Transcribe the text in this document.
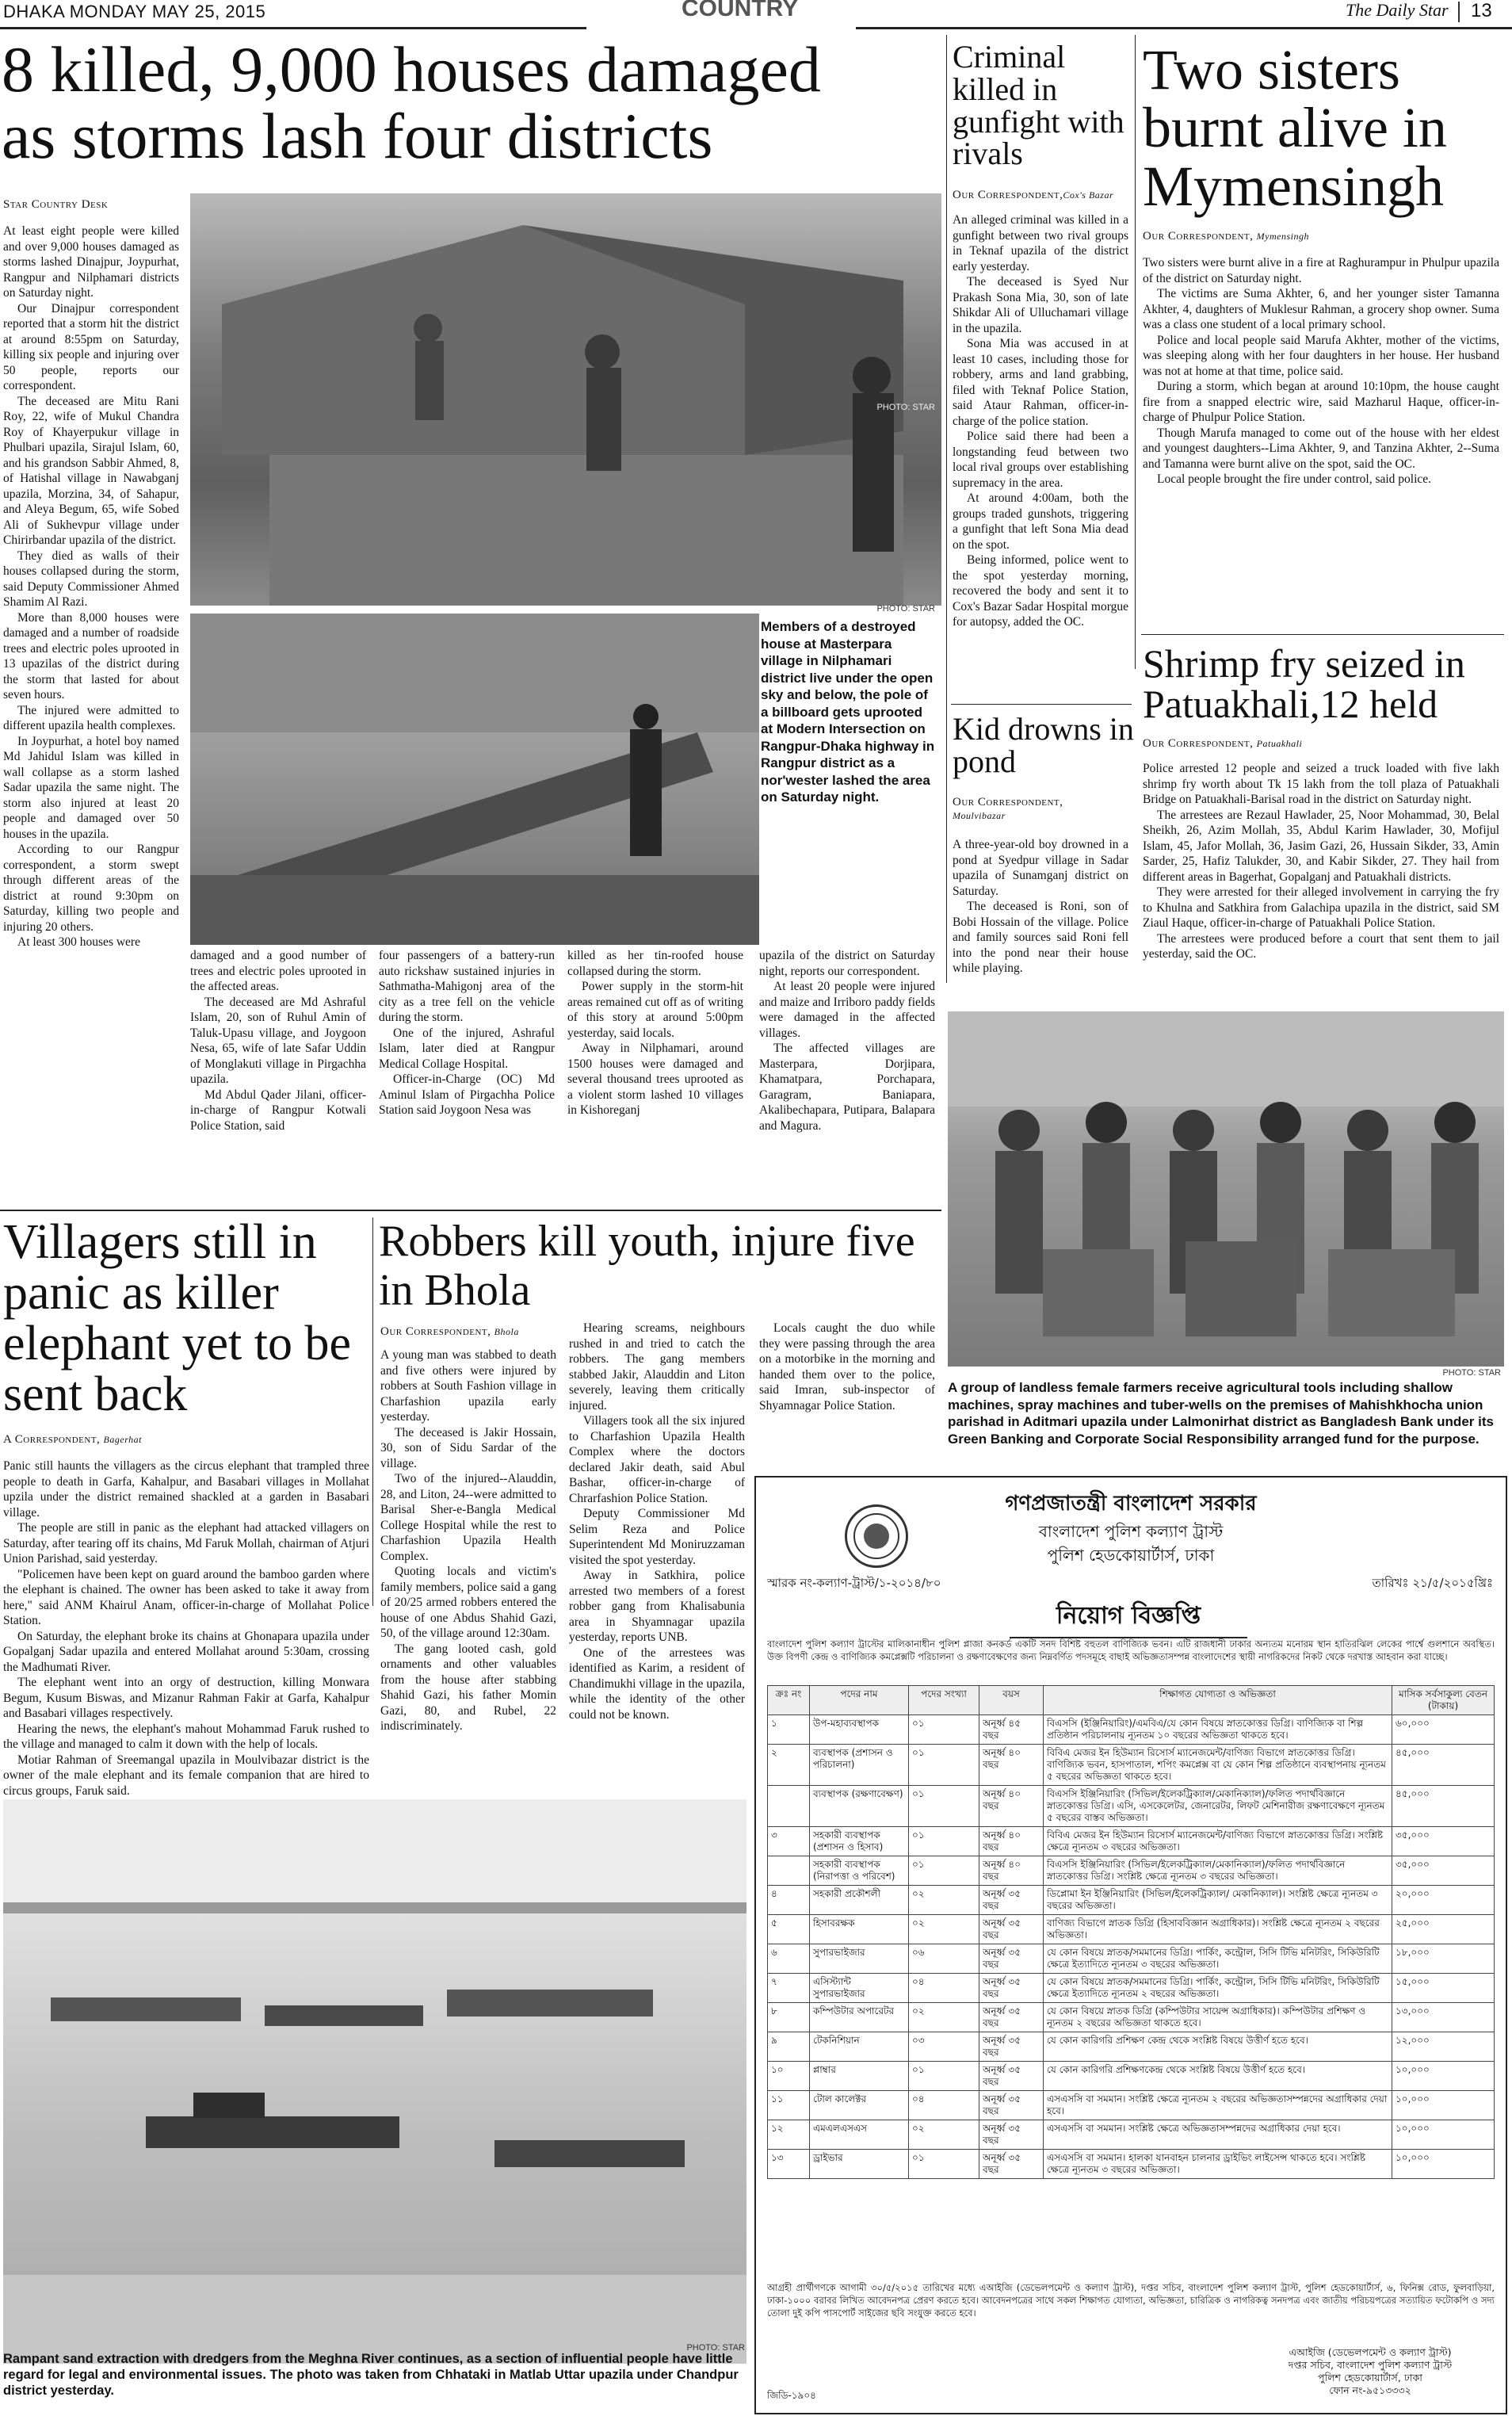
DHAKA MONDAY MAY 25, 2015	COUNTRY	The Daily Star 13
8 killed, 9,000 houses damaged
as storms lash four districts
Star Country Desk

At least eight people were killed and over 9,000 houses damaged as storms lashed Dinajpur, Joypurhat, Rangpur and Nilphamari districts on Saturday night.

Our Dinajpur correspondent reported that a storm hit the district at around 8:55pm on Saturday, killing six people and injuring over 50 people, reports our correspondent.

The deceased are Mitu Rani Roy, 22, wife of Mukul Chandra Roy of Khayerpukur village in Phulbari upazila, Sirajul Islam, 60, and his grandson Sabbir Ahmed, 8, of Hatishal village in Nawabganj upazila, Morzina, 34, of Sahapur, and Aleya Begum, 65, wife Sobed Ali of Sukhevpur village under Chirirbandar upazila of the district.

They died as walls of their houses collapsed during the storm, said Deputy Commissioner Ahmed Shamim Al Razi.

More than 8,000 houses were damaged and a number of roadside trees and electric poles uprooted in 13 upazilas of the district during the storm that lasted for about seven hours.

The injured were admitted to different upazila health complexes.

In Joypurhat, a hotel boy named Md Jahidul Islam was killed in wall collapse as a storm lashed Sadar upazila the same night. The storm also injured at least 20 people and damaged over 50 houses in the upazila.

According to our Rangpur correspondent, a storm swept through different areas of the district at round 9:30pm on Saturday, killing two people and injuring 20 others.

At least 300 houses were

PHOTO: STAR
PHOTO: STAR
Members of a destroyed house at Masterpara village in Nilphamari district live under the open sky and below, the pole of a billboard gets uprooted at Modern Intersection on Rangpur-Dhaka highway in Rangpur district as a nor'wester lashed the area on Saturday night.

damaged and a good number of trees and electric poles uprooted in the affected areas.

The deceased are Md Ashraful Islam, 20, son of Ruhul Amin of Taluk-Upasu village, and Joygoon Nesa, 65, wife of late Safar Uddin of Monglakuti village in Pirgachha upazila.

Md Abdul Qader Jilani, officer-in-charge of Rangpur Kotwali Police Station, said

four passengers of a battery-run auto rickshaw sustained injuries in Sathmatha-Mahigonj area of the city as a tree fell on the vehicle during the storm.

One of the injured, Ashraful Islam, later died at Rangpur Medical Collage Hospital.

Officer-in-Charge (OC) Md Aminul Islam of Pirgachha Police Station said Joygoon Nesa was

killed as her tin-roofed house collapsed during the storm.

Power supply in the storm-hit areas remained cut off as of writing of this story at around 5:00pm yesterday, said locals.

Away in Nilphamari, around 1500 houses were damaged and several thousand trees uprooted as a violent storm lashed 10 villages in Kishoreganj

upazila of the district on Saturday night, reports our correspondent.

At least 20 people were injured and maize and Irriboro paddy fields were damaged in the affected villages.

The affected villages are Masterpara, Dorjipara, Khamatpara, Porchapara, Garagram, Baniapara, Akalibechapara, Putipara, Balapara and Magura.

Criminal killed in gunfight with rivals
Our Correspondent,Cox's Bazar

An alleged criminal was killed in a gunfight between two rival groups in Teknaf upazila of the district early yesterday.

The deceased is Syed Nur Prakash Sona Mia, 30, son of late Shikdar Ali of Ulluchamari village in the upazila.

Sona Mia was accused in at least 10 cases, including those for robbery, arms and land grabbing, filed with Teknaf Police Station, said Ataur Rahman, officer-in-charge of the police station.

Police said there had been a longstanding feud between two local rival groups over establishing supremacy in the area.

At around 4:00am, both the groups traded gunshots, triggering a gunfight that left Sona Mia dead on the spot.

Being informed, police went to the spot yesterday morning, recovered the body and sent it to Cox's Bazar Sadar Hospital morgue for autopsy, added the OC.

Kid drowns in pond
Our Correspondent,
Moulvibazar

A three-year-old boy drowned in a pond at Syedpur village in Sadar upazila of Sunamganj district on Saturday.

The deceased is Roni, son of Bobi Hossain of the village. Police and family sources said Roni fell into the pond near their house while playing.

Two sisters burnt alive in Mymensingh
Our Correspondent, Mymensingh

Two sisters were burnt alive in a fire at Raghurampur in Phulpur upazila of the district on Saturday night.

The victims are Suma Akhter, 6, and her younger sister Tamanna Akhter, 4, daughters of Muklesur Rahman, a grocery shop owner. Suma was a class one student of a local primary school.

Police and local people said Marufa Akhter, mother of the victims, was sleeping along with her four daughters in her house. Her husband was not at home at that time, police said.

During a storm, which began at around 10:10pm, the house caught fire from a snapped electric wire, said Mazharul Haque, officer-in-charge of Phulpur Police Station.

Though Marufa managed to come out of the house with her eldest and youngest daughters--Lima Akhter, 9, and Tanzina Akhter, 2--Suma and Tamanna were burnt alive on the spot, said the OC.

Local people brought the fire under control, said police.

Shrimp fry seized in Patuakhali,12 held
Our Correspondent, Patuakhali

Police arrested 12 people and seized a truck loaded with five lakh shrimp fry worth about Tk 15 lakh from the toll plaza of Patuakhali Bridge on Patuakhali-Barisal road in the district on Saturday night.

The arrestees are Rezaul Hawlader, 25, Noor Mohammad, 30, Belal Sheikh, 26, Azim Mollah, 35, Abdul Karim Hawlader, 30, Mofijul Islam, 45, Jafor Mollah, 36, Jasim Gazi, 26, Hussain Sikder, 33, Amin Sarder, 25, Hafiz Talukder, 30, and Kabir Sikder, 27. They hail from different areas in Bagerhat, Gopalganj and Patuakhali districts.

They were arrested for their alleged involvement in carrying the fry to Khulna and Satkhira from Galachipa upazila in the district, said SM Ziaul Haque, officer-in-charge of Patuakhali Police Station.

The arrestees were produced before a court that sent them to jail yesterday, said the OC.

PHOTO: STAR
A group of landless female farmers receive agricultural tools including shallow machines, spray machines and tuber-wells on the premises of Mahishkhocha union parishad in Aditmari upazila under Lalmonirhat district as Bangladesh Bank under its Green Banking and Corporate Social Responsibility arranged fund for the purpose.
Villagers still in panic as killer elephant yet to be sent back
A Correspondent, Bagerhat

Panic still haunts the villagers as the circus elephant that trampled three people to death in Garfa, Kahalpur, and Basabari villages in Mollahat upzila under the district remained shackled at a garden in Basabari village.

The people are still in panic as the elephant had attacked villagers on Saturday, after tearing off its chains, Md Faruk Mollah, chairman of Atjuri Union Parishad, said yesterday.

"Policemen have been kept on guard around the bamboo garden where the elephant is chained. The owner has been asked to take it away from here," said ANM Khairul Anam, officer-in-charge of Mollahat Police Station.

On Saturday, the elephant broke its chains at Ghonapara upazila under Gopalganj Sadar upazila and entered Mollahat around 5:30am, crossing the Madhumati River.

The elephant went into an orgy of destruction, killing Monwara Begum, Kusum Biswas, and Mizanur Rahman Fakir at Garfa, Kahalpur and Basabari villages respectively.

Hearing the news, the elephant's mahout Mohammad Faruk rushed to the village and managed to calm it down with the help of locals.

Motiar Rahman of Sreemangal upazila in Moulvibazar district is the owner of the male elephant and its female companion that are hired to circus groups, Faruk said.

Robbers kill youth, injure five in Bhola
Our Correspondent, Bhola

A young man was stabbed to death and five others were injured by robbers at South Fashion village in Charfashion upazila early yesterday.

The deceased is Jakir Hossain, 30, son of Sidu Sardar of the village.

Two of the injured--Alauddin, 28, and Liton, 24--were admitted to Barisal Sher-e-Bangla Medical College Hospital while the rest to Charfashion Upazila Health Complex.

Quoting locals and victim's family members, police said a gang of 20/25 armed robbers entered the house of one Abdus Shahid Gazi, 50, of the village around 12:30am.

The gang looted cash, gold ornaments and other valuables from the house after stabbing Shahid Gazi, his father Momin Gazi, 80, and Rubel, 22 indiscriminately.

Hearing screams, neighbours rushed in and tried to catch the robbers. The gang members stabbed Jakir, Alauddin and Liton severely, leaving them critically injured.

Villagers took all the six injured to Charfashion Upazila Health Complex where the doctors declared Jakir death, said Abul Bashar, officer-in-charge of Chrarfashion Police Station.

Deputy Commissioner Md Selim Reza and Police Superintendent Md Moniruzzaman visited the spot yesterday.

Away in Satkhira, police arrested two members of a forest robber gang from Khalisabunia area in Shyamnagar upazila yesterday, reports UNB.

One of the arrestees was identified as Karim, a resident of Chandimukhi village in the upazila, while the identity of the other could not be known.

Locals caught the duo while they were passing through the area on a motorbike in the morning and handed them over to the police, said Imran, sub-inspector of Shyamnagar Police Station.

PHOTO: STAR
Rampant sand extraction with dredgers from the Meghna River continues, as a section of influential people have little regard for legal and environmental issues. The photo was taken from Chhataki in Matlab Uttar upazila under Chandpur district yesterday.
গণপ্রজাতন্ত্রী বাংলাদেশ সরকার
বাংলাদেশ পুলিশ কল্যাণ ট্রাস্ট
পুলিশ হেডকোয়ার্টার্স, ঢাকা
স্মারক নং-কল্যাণ-ট্রাস্ট/১-২০১৪/৮০	তারিখঃ ২১/৫/২০১৫খ্রিঃ
নিয়োগ বিজ্ঞপ্তি
বাংলাদেশ পুলিশ কল্যাণ ট্রাস্টের মালিকানাধীন পুলিশ প্লাজা কনকর্ড একটি সনদ বিশিষ্ট বহুতল বাণিজ্যিক ভবন। এটি রাজধানী ঢাকার অন্যতম মনোরম স্থান হাতিরঝিল লেকের পার্শ্বে গুলশানে অবস্থিত। উক্ত বিপণী কেন্দ্র ও বাণিজ্যিক কমপ্লেক্সটি পরিচালনা ও রক্ষণাবেক্ষণের জন্য নিম্নবর্ণিত পদসমূহে বাছাই অভিজ্ঞতাসম্পন্ন বাংলাদেশের স্থায়ী নাগরিকদের নিকট থেকে দরখাস্ত আহবান করা যাচ্ছে।
ক্রঃ নং	পদের নাম	পদের সংখ্যা	বয়স	শিক্ষাগত যোগ্যতা ও অভিজ্ঞতা	মাসিক সর্বসাকুল্য বেতন (টাকায়)
১	উপ-মহাব্যবস্থাপক	০১	অনূর্ধ্ব ৪৫ বছর	বিএসসি (ইঞ্জিনিয়ারিং)/এমবিএ/যে কোন বিষয়ে স্নাতকোত্তর ডিগ্রি। বাণিজ্যিক বা শিল্প প্রতিষ্ঠান পরিচালনায় ন্যূনতম ১০ বছরের অভিজ্ঞতা থাকতে হবে।	৬০,০০০
২	ব্যবস্থাপক (প্রশাসন ও পরিচালনা)	০১	অনূর্ধ্ব ৪০ বছর	বিবিএ মেজর ইন হিউম্যান রিসোর্স ম্যানেজমেন্ট/বাণিজ্য বিভাগে স্নাতকোত্তর ডিগ্রি। বাণিজ্যিক ভবন, হাসপাতাল, শপিং কমপ্লেক্স বা যে কোন শিল্প প্রতিষ্ঠানে ব্যবস্থাপনায় ন্যূনতম ৫ বছরের অভিজ্ঞতা থাকতে হবে।	৪৫,০০০
	ব্যবস্থাপক (রক্ষণাবেক্ষণ)	০১	অনূর্ধ্ব ৪০ বছর	বিএসসি ইঞ্জিনিয়ারিং (সিভিল/ইলেকট্রিক্যাল/মেকানিক্যাল)/ফলিত পদার্থবিজ্ঞানে স্নাতকোত্তর ডিগ্রি। এসি, এসকেলেটর, জেনারেটর, লিফট মেশিনারীজ রক্ষণাবেক্ষণে ন্যূনতম ৫ বছরের বাস্তব অভিজ্ঞতা।	৪৫,০০০
৩	সহকারী ব্যবস্থাপক (প্রশাসন ও হিসাব)	০১	অনূর্ধ্ব ৪০ বছর	বিবিএ মেজর ইন হিউম্যান রিসোর্স ম্যানেজমেন্ট/বাণিজ্য বিভাগে স্নাতকোত্তর ডিগ্রি। সংশ্লিষ্ট ক্ষেত্রে ন্যূনতম ৩ বছরের অভিজ্ঞতা।	৩৫,০০০
	সহকারী ব্যবস্থাপক (নিরাপত্তা ও পরিবেশ)	০১	অনূর্ধ্ব ৪০ বছর	বিএসসি ইঞ্জিনিয়ারিং (সিভিল/ইলেকট্রিক্যাল/মেকানিক্যাল)/ফলিত পদার্থবিজ্ঞানে স্নাতকোত্তর ডিগ্রি। সংশ্লিষ্ট ক্ষেত্রে ন্যূনতম ৩ বছরের অভিজ্ঞতা।	৩৫,০০০
৪	সহকারী প্রকৌশলী	০২	অনূর্ধ্ব ৩৫ বছর	ডিপ্লোমা ইন ইঞ্জিনিয়ারিং (সিভিল/ইলেকট্রিক্যাল/ মেকানিক্যাল)। সংশ্লিষ্ট ক্ষেত্রে ন্যূনতম ৩ বছরের অভিজ্ঞতা।	২০,০০০
৫	হিসাবরক্ষক	০২	অনূর্ধ্ব ৩৫ বছর	বাণিজ্য বিভাগে স্নাতক ডিগ্রি (হিসাববিজ্ঞান অগ্রাধিকার)। সংশ্লিষ্ট ক্ষেত্রে ন্যূনতম ২ বছরের অভিজ্ঞতা।	২৫,০০০
৬	সুপারভাইজার	০৬	অনূর্ধ্ব ৩৫ বছর	যে কোন বিষয়ে স্নাতক/সমমানের ডিগ্রি। পার্কিং, কন্ট্রোল, সিসি টিভি মনিটরিং, সিকিউরিটি ক্ষেত্রে ইত্যাদিতে ন্যূনতম ৩ বছরের অভিজ্ঞতা।	১৮,০০০
৭	এসিস্ট্যান্ট সুপারভাইজার	০৪	অনূর্ধ্ব ৩৫ বছর	যে কোন বিষয়ে স্নাতক/সমমানের ডিগ্রি। পার্কিং, কন্ট্রোল, সিসি টিভি মনিটরিং, সিকিউরিটি ক্ষেত্রে ইত্যাদিতে ন্যূনতম ২ বছরের অভিজ্ঞতা।	১৫,০০০
৮	কম্পিউটার অপারেটর	০২	অনূর্ধ্ব ৩৫ বছর	যে কোন বিষয়ে স্নাতক ডিগ্রি (কম্পিউটার সায়েন্স অগ্রাধিকার)। কম্পিউটার প্রশিক্ষণ ও ন্যূনতম ২ বছরের অভিজ্ঞতা থাকতে হবে।	১৩,০০০
৯	টেকনিশিয়ান	০৩	অনূর্ধ্ব ৩৫ বছর	যে কোন কারিগরি প্রশিক্ষণ কেন্দ্র থেকে সংশ্লিষ্ট বিষয়ে উত্তীর্ণ হতে হবে।	১২,০০০
১০	প্লাম্বার	০১	অনূর্ধ্ব ৩৫ বছর	যে কোন কারিগরি প্রশিক্ষণকেন্দ্র থেকে সংশ্লিষ্ট বিষয়ে উত্তীর্ণ হতে হবে।	১০,০০০
১১	টোল কালেক্টর	০৪	অনূর্ধ্ব ৩৫ বছর	এসএসসি বা সমমান। সংশ্লিষ্ট ক্ষেত্রে ন্যূনতম ২ বছরের অভিজ্ঞতাসম্পন্নদের অগ্রাধিকার দেয়া হবে।	১০,০০০
১২	এমএলএসএস	০২	অনূর্ধ্ব ৩৫ বছর	এসএসসি বা সমমান। সংশ্লিষ্ট ক্ষেত্রে অভিজ্ঞতাসম্পন্নদের অগ্রাধিকার দেয়া হবে।	১০,০০০
১৩	ড্রাইভার	০১	অনূর্ধ্ব ৩৫ বছর	এসএসসি বা সমমান। হালকা যানবাহন চালনার ড্রাইভিং লাইসেন্স থাকতে হবে। সংশ্লিষ্ট ক্ষেত্রে ন্যূনতম ৩ বছরের অভিজ্ঞতা।	১০,০০০
আগ্রহী প্রার্থীগণকে আগামী ৩০/৫/২০১৫ তারিখের মধ্যে এআইজি (ডেভেলপমেন্ট ও কল্যাণ ট্রাস্ট), দপ্তর সচিব, বাংলাদেশ পুলিশ কল্যাণ ট্রাস্ট, পুলিশ হেডকোয়ার্টার্স, ৬, ফিনিক্স রোড, ফুলবাড়িয়া, ঢাকা-১০০০ বরাবর লিখিত আবেদনপত্র প্রেরণ করতে হবে। আবেদনপত্রের সাথে সকল শিক্ষাগত যোগ্যতা, অভিজ্ঞতা, চারিত্রিক ও নাগরিকত্ব সনদপত্র এবং জাতীয় পরিচয়পত্রের সত্যায়িত ফটোকপি ও সদ্য তোলা দুই কপি পাসপোর্ট সাইজের ছবি সংযুক্ত করতে হবে।
এআইজি (ডেভেলপমেন্ট ও কল্যাণ ট্রাস্ট)
দপ্তর সচিব, বাংলাদেশ পুলিশ কল্যাণ ট্রাস্ট
পুলিশ হেডকোয়ার্টার্স, ঢাকা
ফোন নং-৯৫১৩৩৩২
জিডি-১৯০৪
